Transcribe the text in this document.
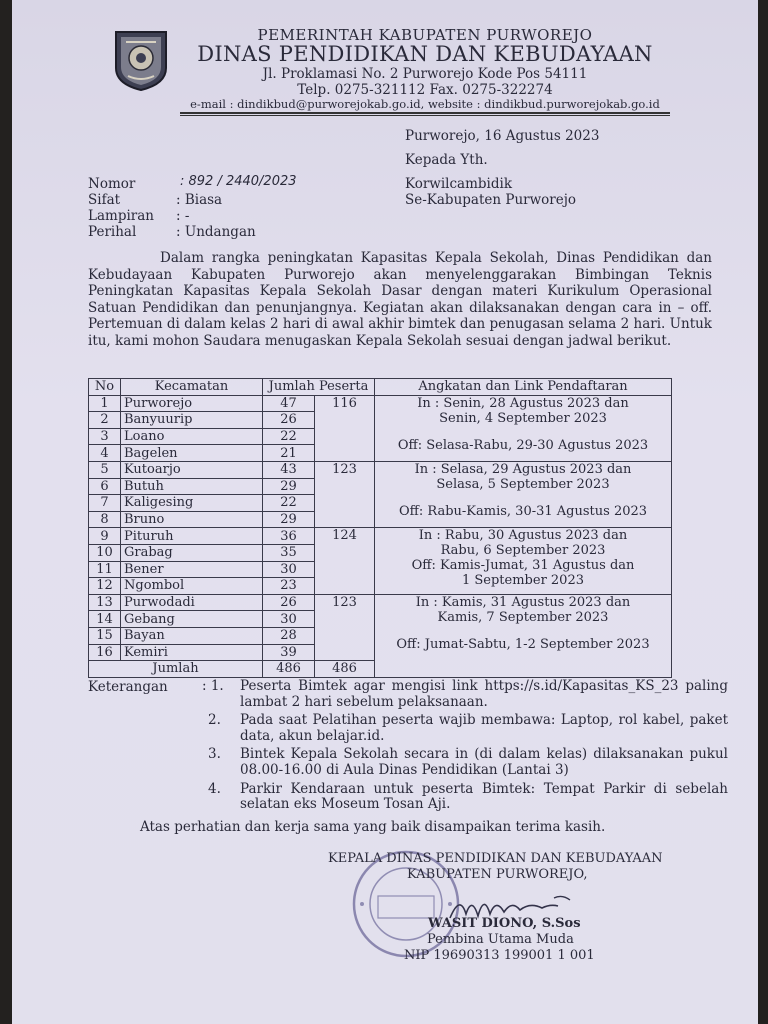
PEMERINTAH KABUPATEN PURWOREJO
DINAS PENDIDIKAN DAN KEBUDAYAAN
Jl. Proklamasi No. 2 Purworejo Kode Pos 54111
Telp. 0275-321112 Fax. 0275-322274
e-mail : dindikbud@purworejokab.go.id, website : dindikbud.purworejokab.go.id
Purworejo, 16 Agustus 2023
Kepada Yth.
Korwilcambidik
Se-Kabupaten Purworejo
Nomor	: 892 / 2440/2023
Sifat	: Biasa
Lampiran : -
Perihal	: Undangan
Dalam rangka peningkatan Kapasitas Kepala Sekolah, Dinas Pendidikan dan Kebudayaan Kabupaten Purworejo akan menyelenggarakan Bimbingan Teknis Peningkatan Kapasitas Kepala Sekolah Dasar dengan materi Kurikulum Operasional Satuan Pendidikan dan penunjangnya. Kegiatan akan dilaksanakan dengan cara in – off. Pertemuan di dalam kelas 2 hari di awal akhir bimtek dan penugasan selama 2 hari. Untuk itu, kami mohon Saudara menugaskan Kepala Sekolah sesuai dengan jadwal berikut.
No	Kecamatan	Jumlah Peserta		Angkatan dan Link Pendaftaran
1	Purworejo	47	116	In : Senin, 28 Agustus 2023 dan
Senin, 4 September 2023
Off: Selasa-Rabu, 29-30 Agustus 2023

2	Banyuurip	26		
3	Loano	22		
4	Bagelen	21		
5	Kutoarjo	43	123	In : Selasa, 29 Agustus 2023 dan
Selasa, 5 September 2023
Off: Rabu-Kamis, 30-31 Agustus 2023

6	Butuh	29		
7	Kaligesing	22		
8	Bruno	29		
9	Pituruh	36	124	In : Rabu, 30 Agustus 2023 dan
Rabu, 6 September 2023
Off: Kamis-Jumat, 31 Agustus dan
1 September 2023

10	Grabag	35		
11	Bener	30		
12	Ngombol	23		
13	Purwodadi	26	123	In : Kamis, 31 Agustus 2023 dan
Kamis, 7 September 2023
Off: Jumat-Sabtu, 1-2 September 2023

14	Gebang	30		
15	Bayan	28		
16	Kemiri	39		
Jumlah		486	486	
Keterangan	: 1.	Peserta Bimtek agar mengisi link https://s.id/Kapasitas_KS_23 paling lambat 2 hari sebelum pelaksanaan.
2.	Pada saat Pelatihan peserta wajib membawa: Laptop, rol kabel, paket data, akun belajar.id.
3.	Bintek Kepala Sekolah secara in (di dalam kelas) dilaksanakan pukul 08.00-16.00 di Aula Dinas Pendidikan (Lantai 3)
4.	Parkir Kendaraan untuk peserta Bimtek: Tempat Parkir di sebelah selatan eks Moseum Tosan Aji.
Atas perhatian dan kerja sama yang baik disampaikan terima kasih.
KEPALA DINAS PENDIDIKAN DAN KEBUDAYAAN
KABUPATEN PURWOREJO,
WASIT DIONO, S.Sos
Pembina Utama Muda
NIP 19690313 199001 1 001
